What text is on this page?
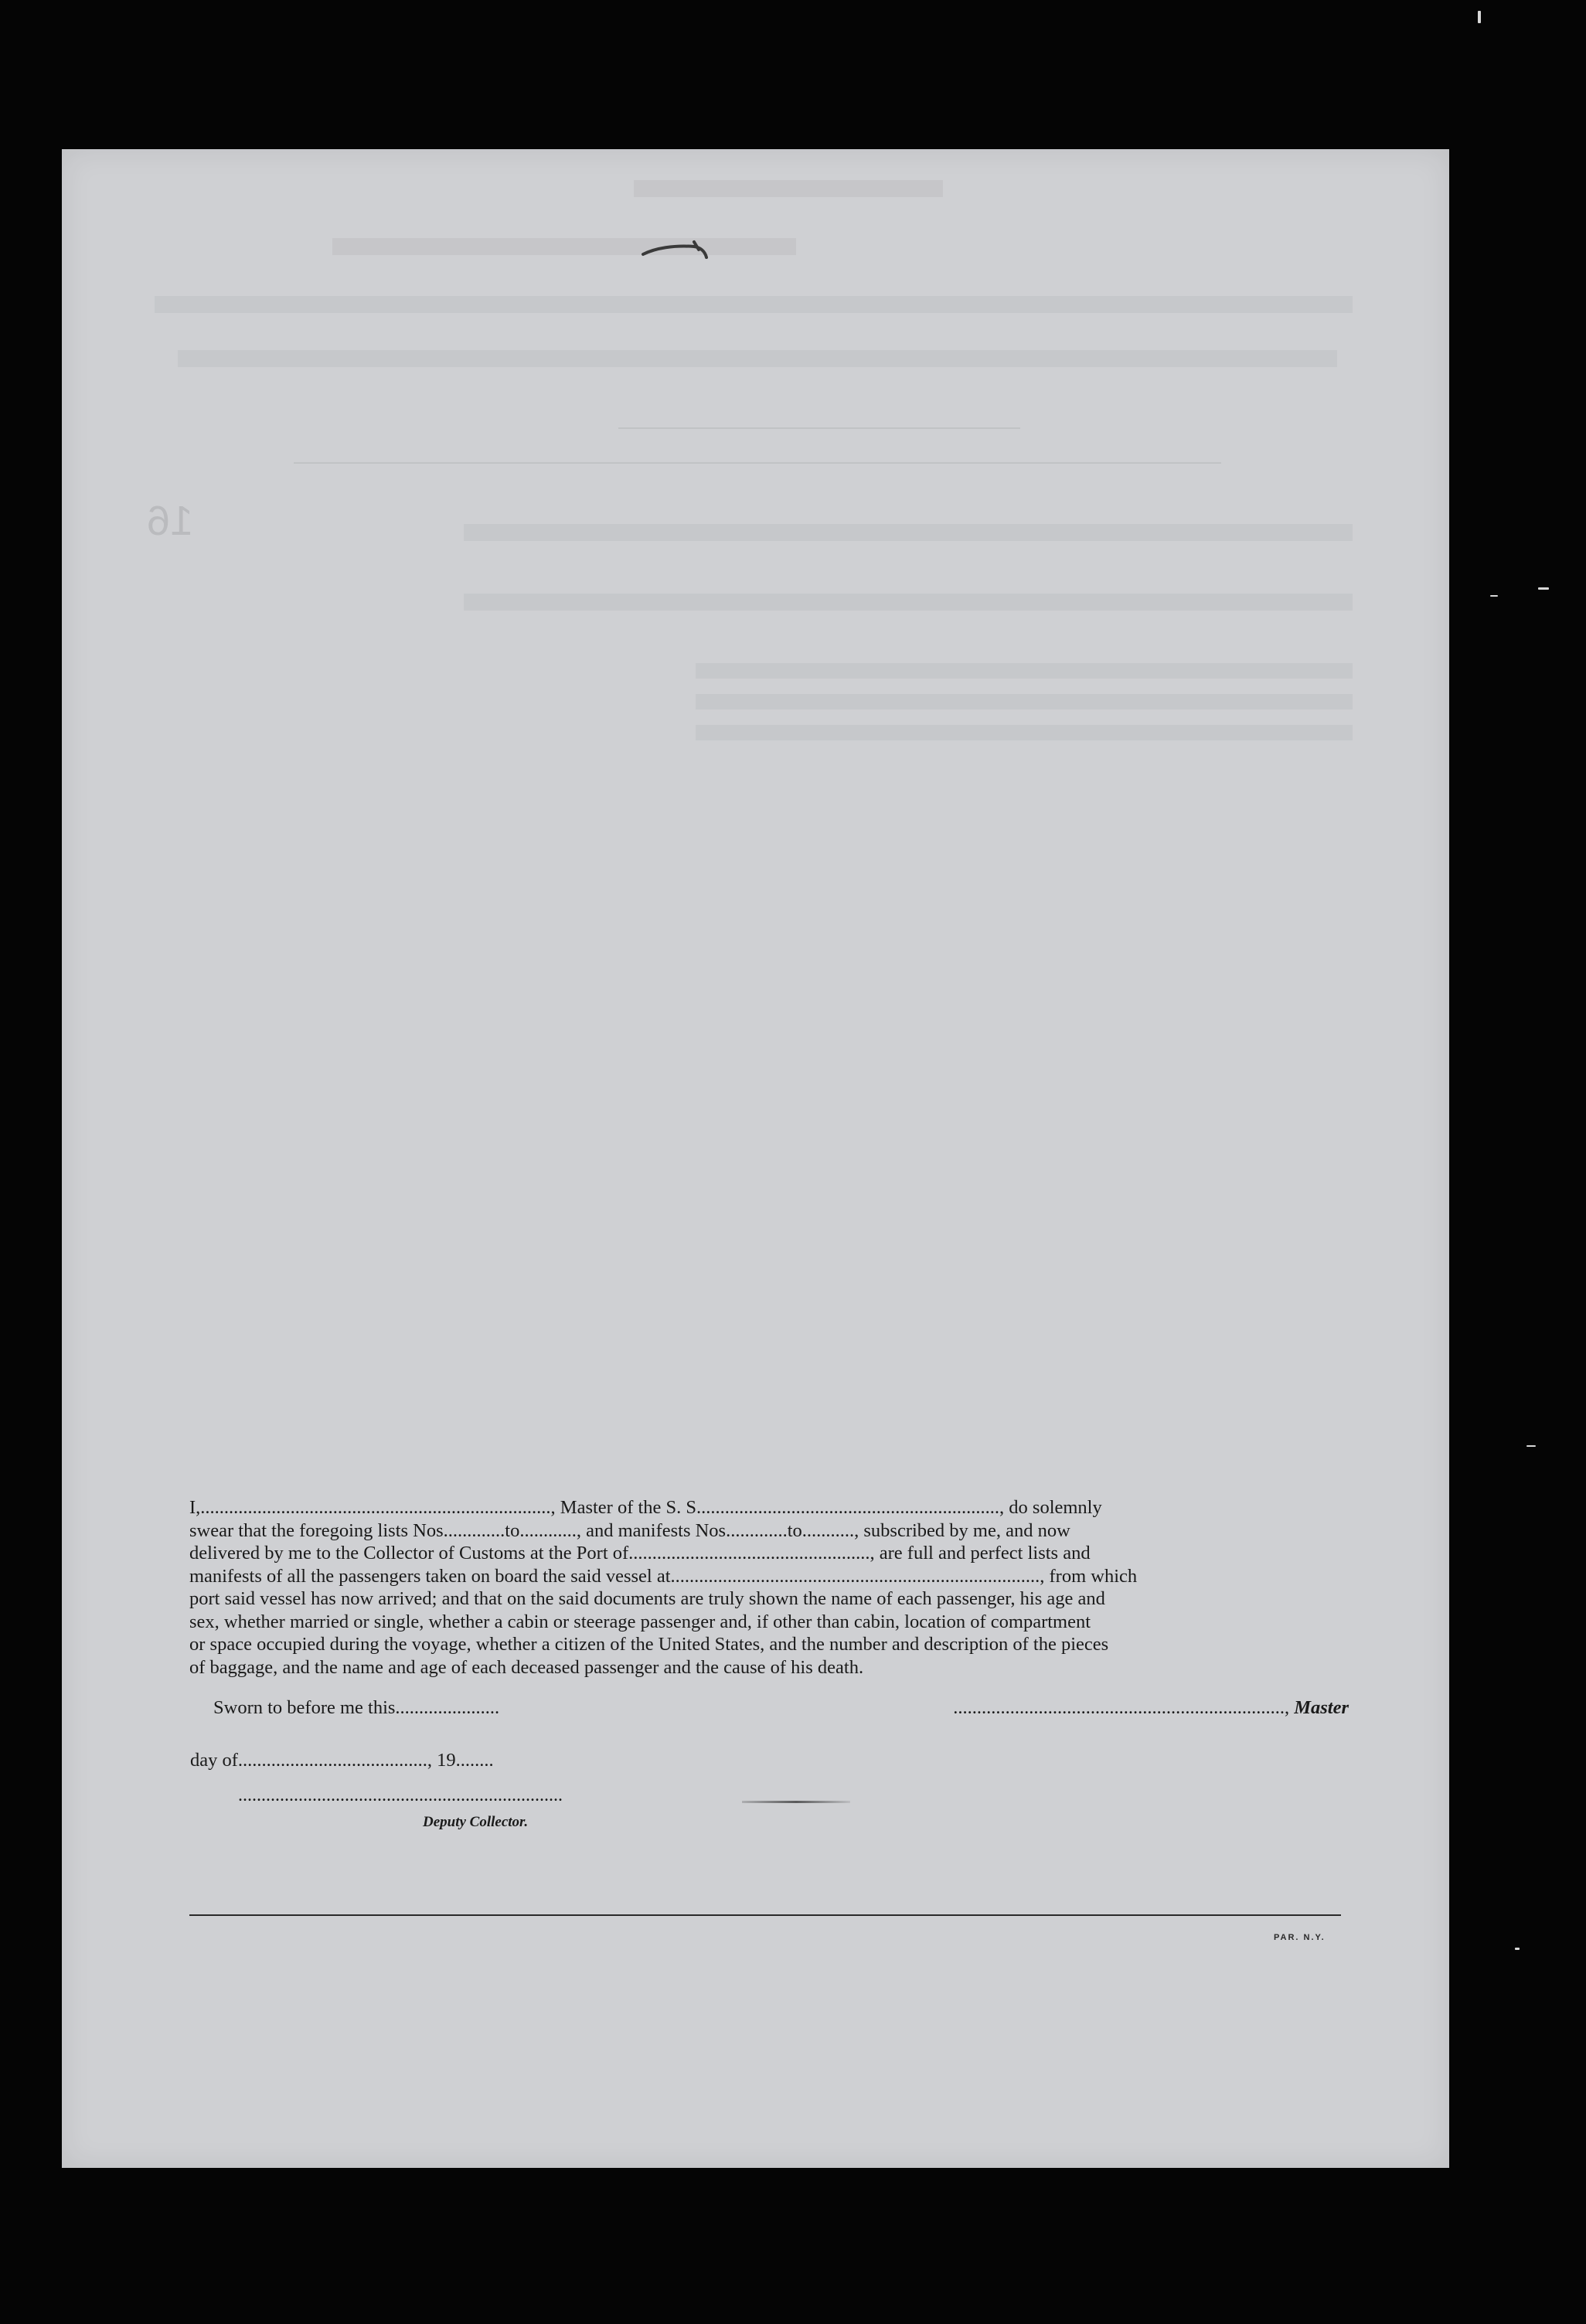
16

I,.........................................................................., Master of the S. S................................................................, do solemnly

swear that the foregoing lists Nos.............to............, and manifests Nos.............to..........., subscribed by me, and now

delivered by me to the Collector of Customs at the Port of..................................................., are full and perfect lists and

manifests of all the passengers taken on board the said vessel at.............................................................................., from which

port said vessel has now arrived; and that on the said documents are truly shown the name of each passenger, his age and

sex, whether married or single, whether a cabin or steerage passenger and, if other than cabin, location of compartment

or space occupied during the voyage, whether a citizen of the United States, and the number and description of the pieces

of baggage, and the name and age of each deceased passenger and the cause of his death.

Sworn to before me this......................	......................................................................, Master
day of........................................, 19........
......................................................................
Deputy Collector.
PAR. N.Y.
